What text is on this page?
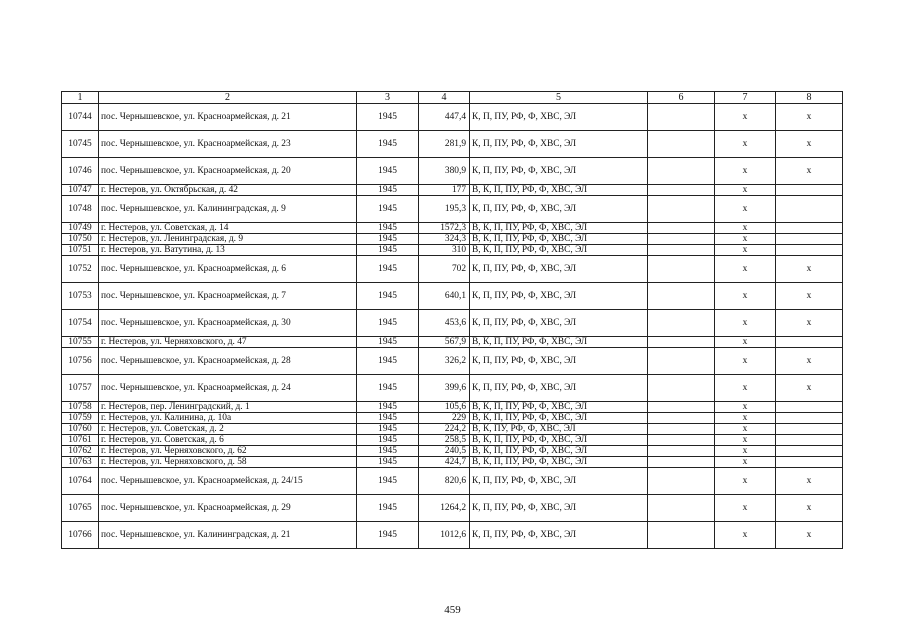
1	2	3	4	5	6	7	8
10744	пос. Чернышевское, ул. Красноармейская, д. 21	1945	447,4	К, П, ПУ, РФ, Ф, ХВС, ЭЛ		х	х
10745	пос. Чернышевское, ул. Красноармейская, д. 23	1945	281,9	К, П, ПУ, РФ, Ф, ХВС, ЭЛ		х	х
10746	пос. Чернышевское, ул. Красноармейская, д. 20	1945	380,9	К, П, ПУ, РФ, Ф, ХВС, ЭЛ		х	х
10747	г. Нестеров, ул. Октябрьская, д. 42	1945	177	В, К, П, ПУ, РФ, Ф, ХВС, ЭЛ		х	
10748	пос. Чернышевское, ул. Калининградская, д. 9	1945	195,3	К, П, ПУ, РФ, Ф, ХВС, ЭЛ		х	
10749	г. Нестеров, ул. Советская, д. 14	1945	1572,3	В, К, П, ПУ, РФ, Ф, ХВС, ЭЛ		х	
10750	г. Нестеров, ул. Ленинградская, д. 9	1945	324,3	В, К, П, ПУ, РФ, Ф, ХВС, ЭЛ		х	
10751	г. Нестеров, ул. Ватутина, д. 13	1945	310	В, К, П, ПУ, РФ, Ф, ХВС, ЭЛ		х	
10752	пос. Чернышевское, ул. Красноармейская, д. 6	1945	702	К, П, ПУ, РФ, Ф, ХВС, ЭЛ		х	х
10753	пос. Чернышевское, ул. Красноармейская, д. 7	1945	640,1	К, П, ПУ, РФ, Ф, ХВС, ЭЛ		х	х
10754	пос. Чернышевское, ул. Красноармейская, д. 30	1945	453,6	К, П, ПУ, РФ, Ф, ХВС, ЭЛ		х	х
10755	г. Нестеров, ул. Черняховского, д. 47	1945	567,9	В, К, П, ПУ, РФ, Ф, ХВС, ЭЛ		х	
10756	пос. Чернышевское, ул. Красноармейская, д. 28	1945	326,2	К, П, ПУ, РФ, Ф, ХВС, ЭЛ		х	х
10757	пос. Чернышевское, ул. Красноармейская, д. 24	1945	399,6	К, П, ПУ, РФ, Ф, ХВС, ЭЛ		х	х
10758	г. Нестеров, пер. Ленинградский, д. 1	1945	105,6	В, К, П, ПУ, РФ, Ф, ХВС, ЭЛ		х	
10759	г. Нестеров, ул. Калинина, д. 10а	1945	229	В, К, П, ПУ, РФ, Ф, ХВС, ЭЛ		х	
10760	г. Нестеров, ул. Советская, д. 2	1945	224,2	В, К, ПУ, РФ, Ф, ХВС, ЭЛ		х	
10761	г. Нестеров, ул. Советская, д. 6	1945	258,5	В, К, П, ПУ, РФ, Ф, ХВС, ЭЛ		х	
10762	г. Нестеров, ул. Черняховского, д. 62	1945	240,5	В, К, П, ПУ, РФ, Ф, ХВС, ЭЛ		х	
10763	г. Нестеров, ул. Черняховского, д. 58	1945	424,7	В, К, П, ПУ, РФ, Ф, ХВС, ЭЛ		х	
10764	пос. Чернышевское, ул. Красноармейская, д. 24/15	1945	820,6	К, П, ПУ, РФ, Ф, ХВС, ЭЛ		х	х
10765	пос. Чернышевское, ул. Красноармейская, д. 29	1945	1264,2	К, П, ПУ, РФ, Ф, ХВС, ЭЛ		х	х
10766	пос. Чернышевское, ул. Калининградская, д. 21	1945	1012,6	К, П, ПУ, РФ, Ф, ХВС, ЭЛ		х	х
459
